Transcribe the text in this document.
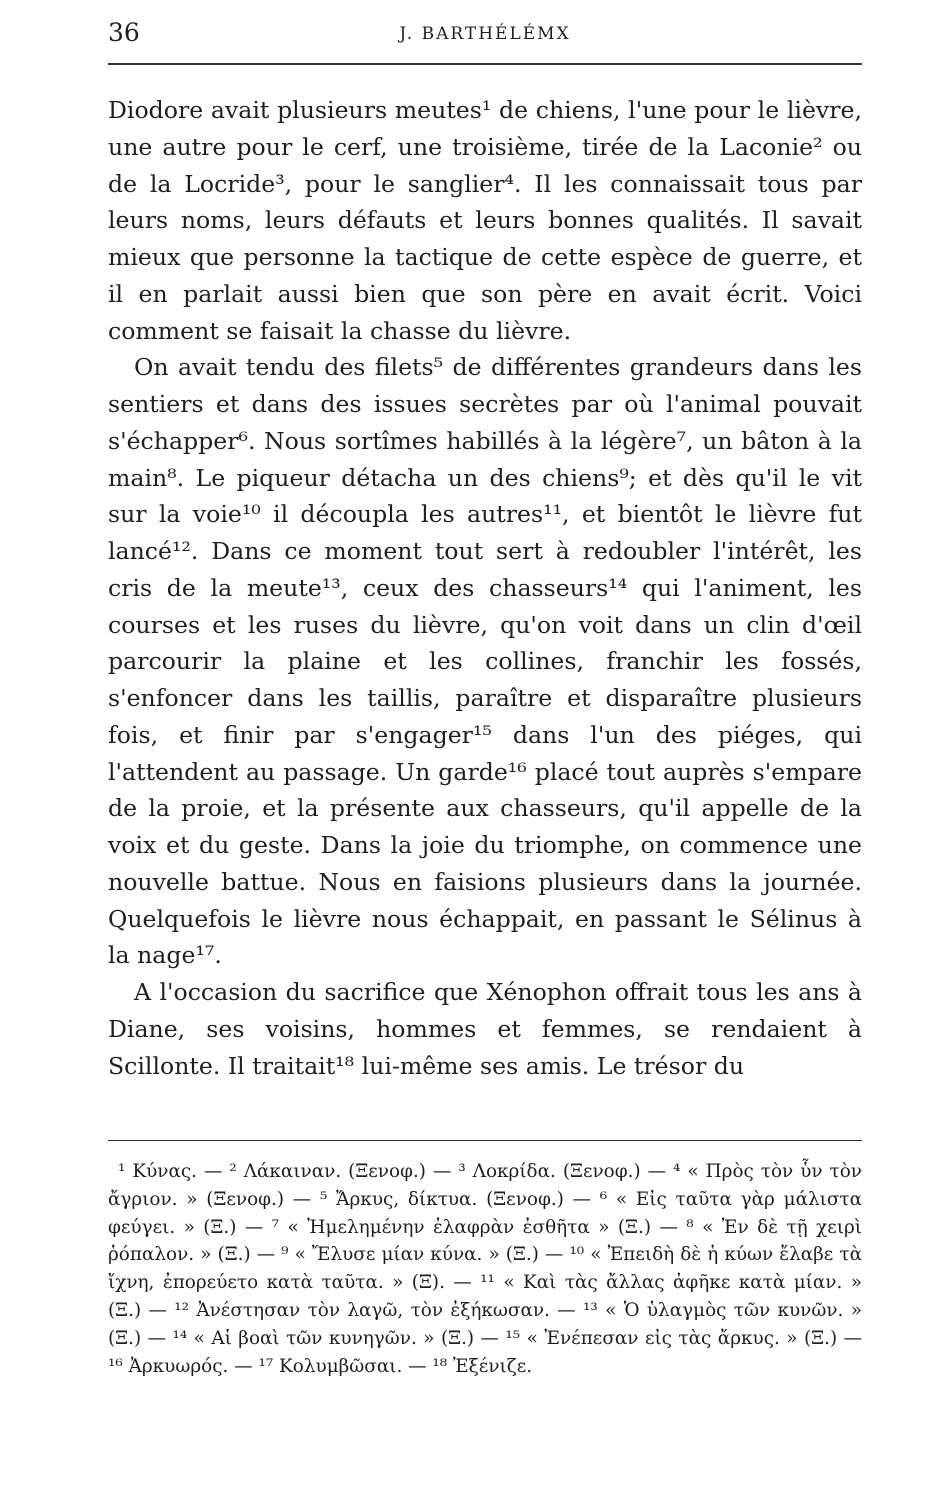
36	J. BARTHÉLÉMX

Diodore avait plusieurs meutes¹ de chiens, l'une pour le lièvre, une autre pour le cerf, une troisième, tirée de la Laconie² ou de la Locride³, pour le sanglier⁴. Il les connaissait tous par leurs noms, leurs défauts et leurs bonnes qualités. Il savait mieux que personne la tactique de cette espèce de guerre, et il en parlait aussi bien que son père en avait écrit. Voici comment se faisait la chasse du lièvre.

On avait tendu des filets⁵ de différentes grandeurs dans les sentiers et dans des issues secrètes par où l'animal pouvait s'échapper⁶. Nous sortîmes habillés à la légère⁷, un bâton à la main⁸. Le piqueur détacha un des chiens⁹; et dès qu'il le vit sur la voie¹⁰ il découpla les autres¹¹, et bientôt le lièvre fut lancé¹². Dans ce moment tout sert à redoubler l'intérêt, les cris de la meute¹³, ceux des chasseurs¹⁴ qui l'animent, les courses et les ruses du lièvre, qu'on voit dans un clin d'œil parcourir la plaine et les collines, franchir les fossés, s'enfoncer dans les taillis, paraître et disparaître plusieurs fois, et finir par s'engager¹⁵ dans l'un des piéges, qui l'attendent au passage. Un garde¹⁶ placé tout auprès s'empare de la proie, et la présente aux chasseurs, qu'il appelle de la voix et du geste. Dans la joie du triomphe, on commence une nouvelle battue. Nous en faisions plusieurs dans la journée. Quelquefois le lièvre nous échappait, en passant le Sélinus à la nage¹⁷.

A l'occasion du sacrifice que Xénophon offrait tous les ans à Diane, ses voisins, hommes et femmes, se rendaient à Scillonte. Il traitait¹⁸ lui-même ses amis. Le trésor du

¹ Κύνας. — ² Λάκαιναν. (Ξενοφ.) — ³ Λοκρίδα. (Ξενοφ.) — ⁴ « Πρὸς τὸν ὗν τὸν ἄγριον. » (Ξενοφ.) — ⁵ Ἄρκυς, δίκτυα. (Ξενοφ.) — ⁶ « Εἰς ταῦτα γὰρ μάλιστα φεύγει. » (Ξ.) — ⁷ « Ἠμελημένην ἐλαφρὰν ἐσθῆτα » (Ξ.) — ⁸ « Ἐν δὲ τῇ χειρὶ ῥόπαλον. » (Ξ.) — ⁹ « Ἔλυσε μίαν κύνα. » (Ξ.) — ¹⁰ « Ἐπειδὴ δὲ ἡ κύων ἔλαβε τὰ ἴχνη, ἐπορεύετο κατὰ ταῦτα. » (Ξ). — ¹¹ « Καὶ τὰς ἄλλας ἀφῆκε κατὰ μίαν. » (Ξ.) — ¹² Ἀνέστησαν τὸν λαγῶ, τὸν ἐξήκωσαν. — ¹³ « Ὁ ὑλαγμὸς τῶν κυνῶν. » (Ξ.) — ¹⁴ « Αἱ βοαὶ τῶν κυνηγῶν. » (Ξ.) — ¹⁵ « Ἐνέπεσαν εἰς τὰς ἄρκυς. » (Ξ.) — ¹⁶ Ἀρκυωρός. — ¹⁷ Κολυμβῶσαι. — ¹⁸ Ἐξένιζε.
